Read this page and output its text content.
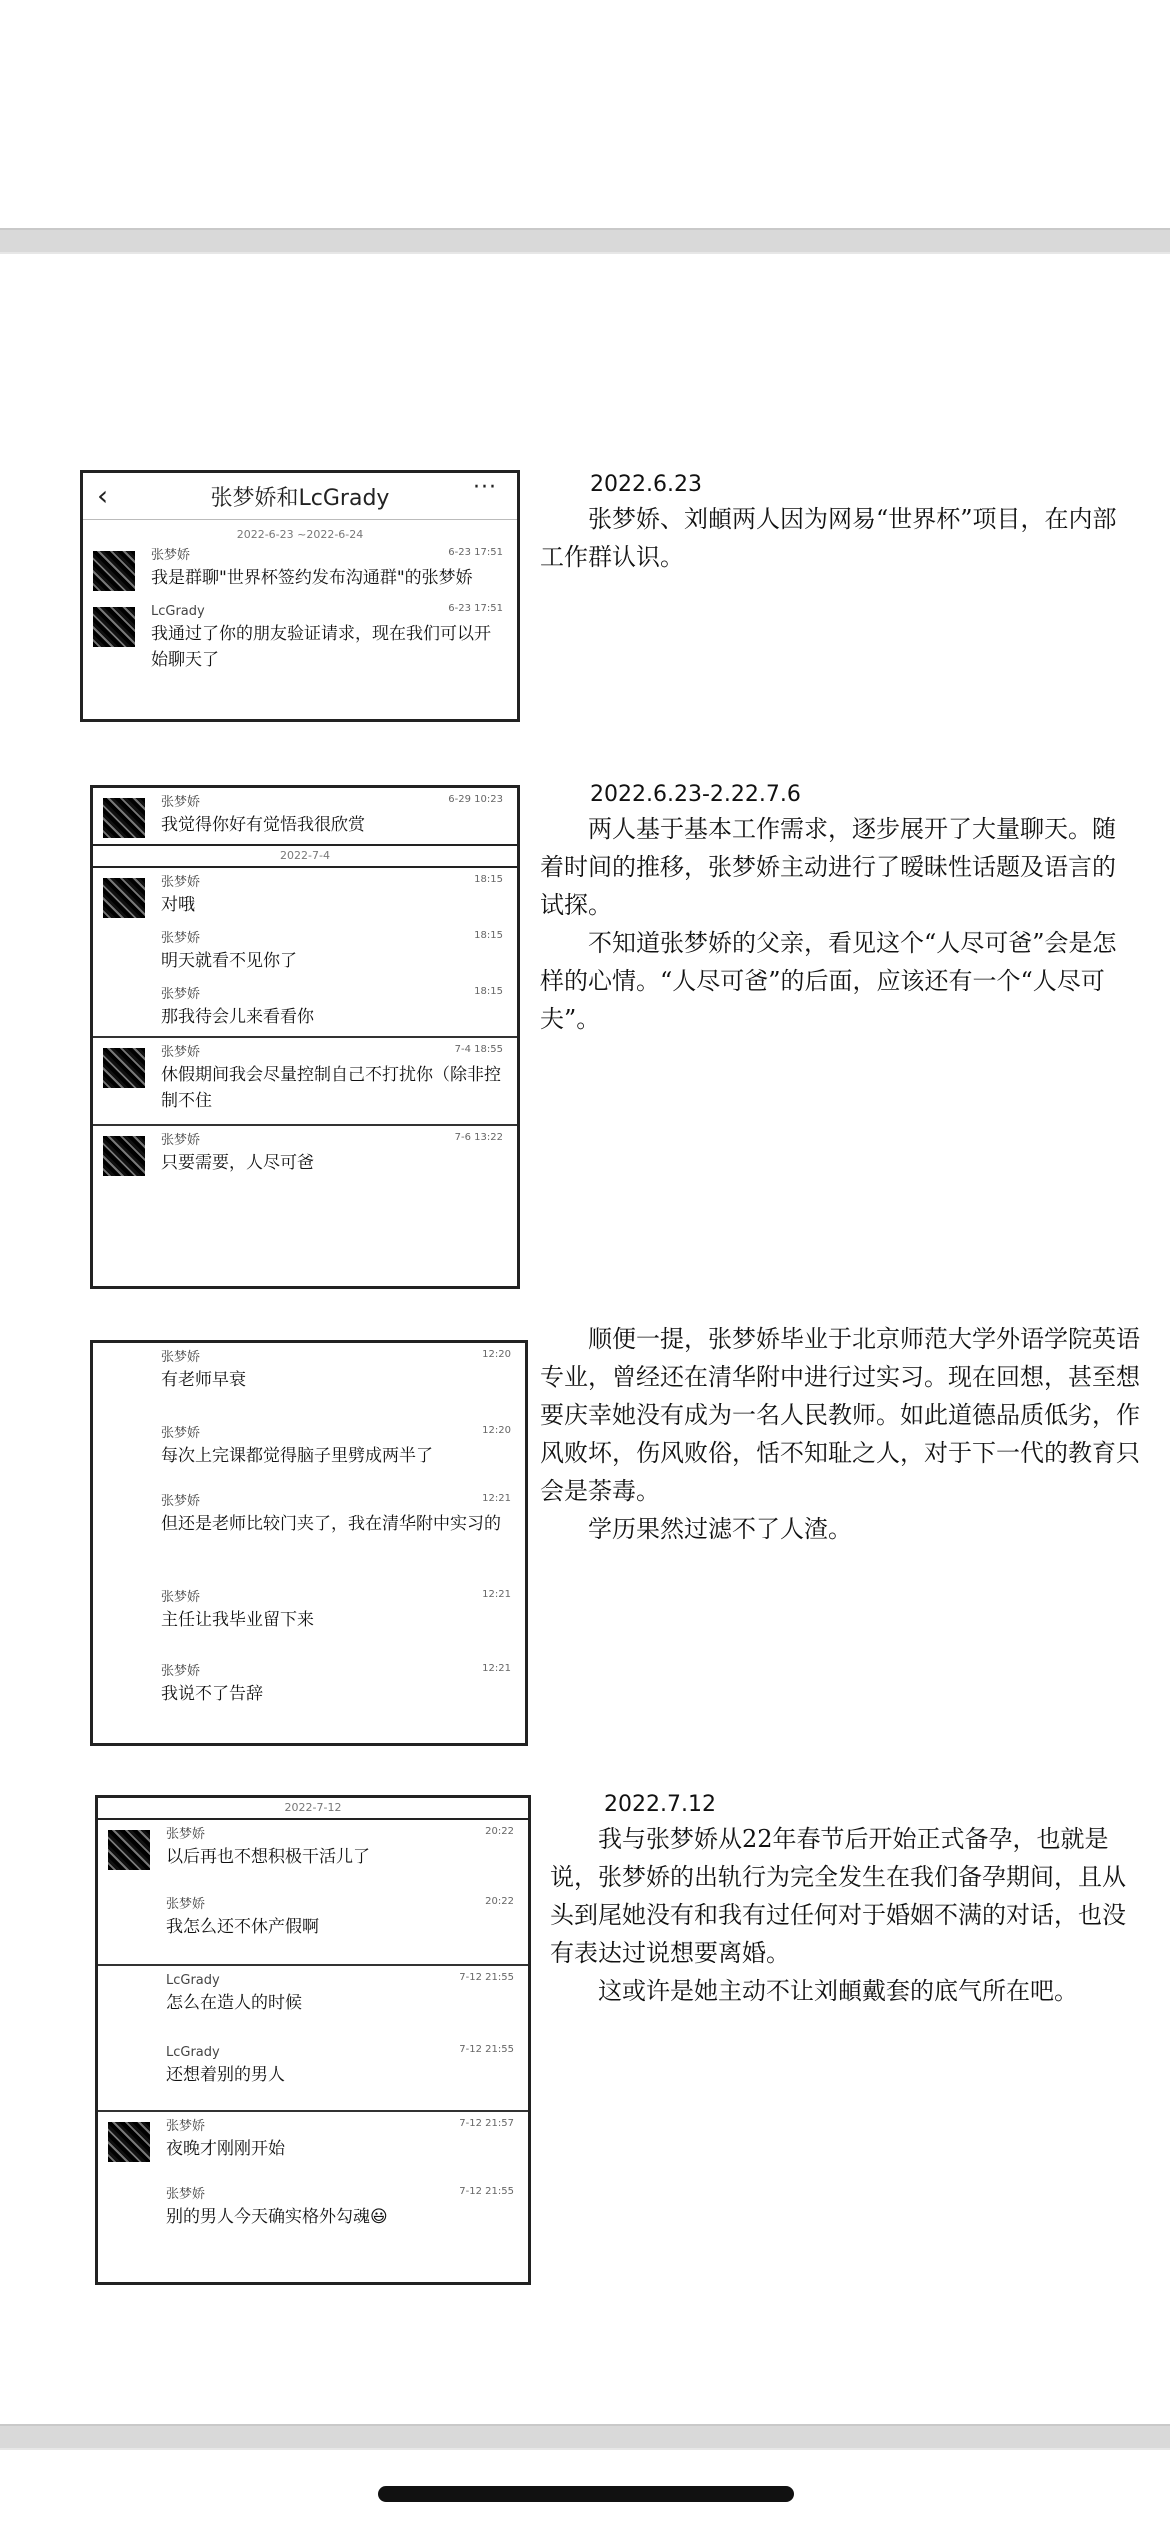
‹	张梦娇和LcGrady	···
2022-6-23 ~2022-6-24
张梦娇	6-23 17:51
我是群聊"世界杯签约发布沟通群"的张梦娇
LcGrady	6-23 17:51
我通过了你的朋友验证请求，现在我们可以开始聊天了

2022.6.23

张梦娇、刘頔两人因为网易“世界杯”项目，在内部工作群认识。

张梦娇	6-29 10:23
我觉得你好有觉悟我很欣赏
2022-7-4
张梦娇	18:15
对哦
张梦娇	18:15
明天就看不见你了
张梦娇	18:15
那我待会儿来看看你
张梦娇	7-4 18:55
休假期间我会尽量控制自己不打扰你（除非控制不住
张梦娇	7-6 13:22
只要需要，人尽可爸

2022.6.23-2.22.7.6

两人基于基本工作需求，逐步展开了大量聊天。随着时间的推移，张梦娇主动进行了暧昧性话题及语言的试探。

不知道张梦娇的父亲，看见这个“人尽可爸”会是怎样的心情。“人尽可爸”的后面，应该还有一个“人尽可夫”。

张梦娇	12:20
有老师早衰
张梦娇	12:20
每次上完课都觉得脑子里劈成两半了
张梦娇	12:21
但还是老师比较门夹了，我在清华附中实习的
张梦娇	12:21
主任让我毕业留下来
张梦娇	12:21
我说不了告辞

顺便一提，张梦娇毕业于北京师范大学外语学院英语专业，曾经还在清华附中进行过实习。现在回想，甚至想要庆幸她没有成为一名人民教师。如此道德品质低劣，作风败坏，伤风败俗，恬不知耻之人，对于下一代的教育只会是荼毒。

学历果然过滤不了人渣。

2022-7-12
张梦娇	20:22
以后再也不想积极干活儿了
张梦娇	20:22
我怎么还不休产假啊
LcGrady	7-12 21:55
怎么在造人的时候
LcGrady	7-12 21:55
还想着别的男人
张梦娇	7-12 21:57
夜晚才刚刚开始
张梦娇	7-12 21:55
别的男人今天确实格外勾魂😃

2022.7.12

我与张梦娇从22年春节后开始正式备孕，也就是说，张梦娇的出轨行为完全发生在我们备孕期间，且从头到尾她没有和我有过任何对于婚姻不满的对话，也没有表达过说想要离婚。

这或许是她主动不让刘頔戴套的底气所在吧。
